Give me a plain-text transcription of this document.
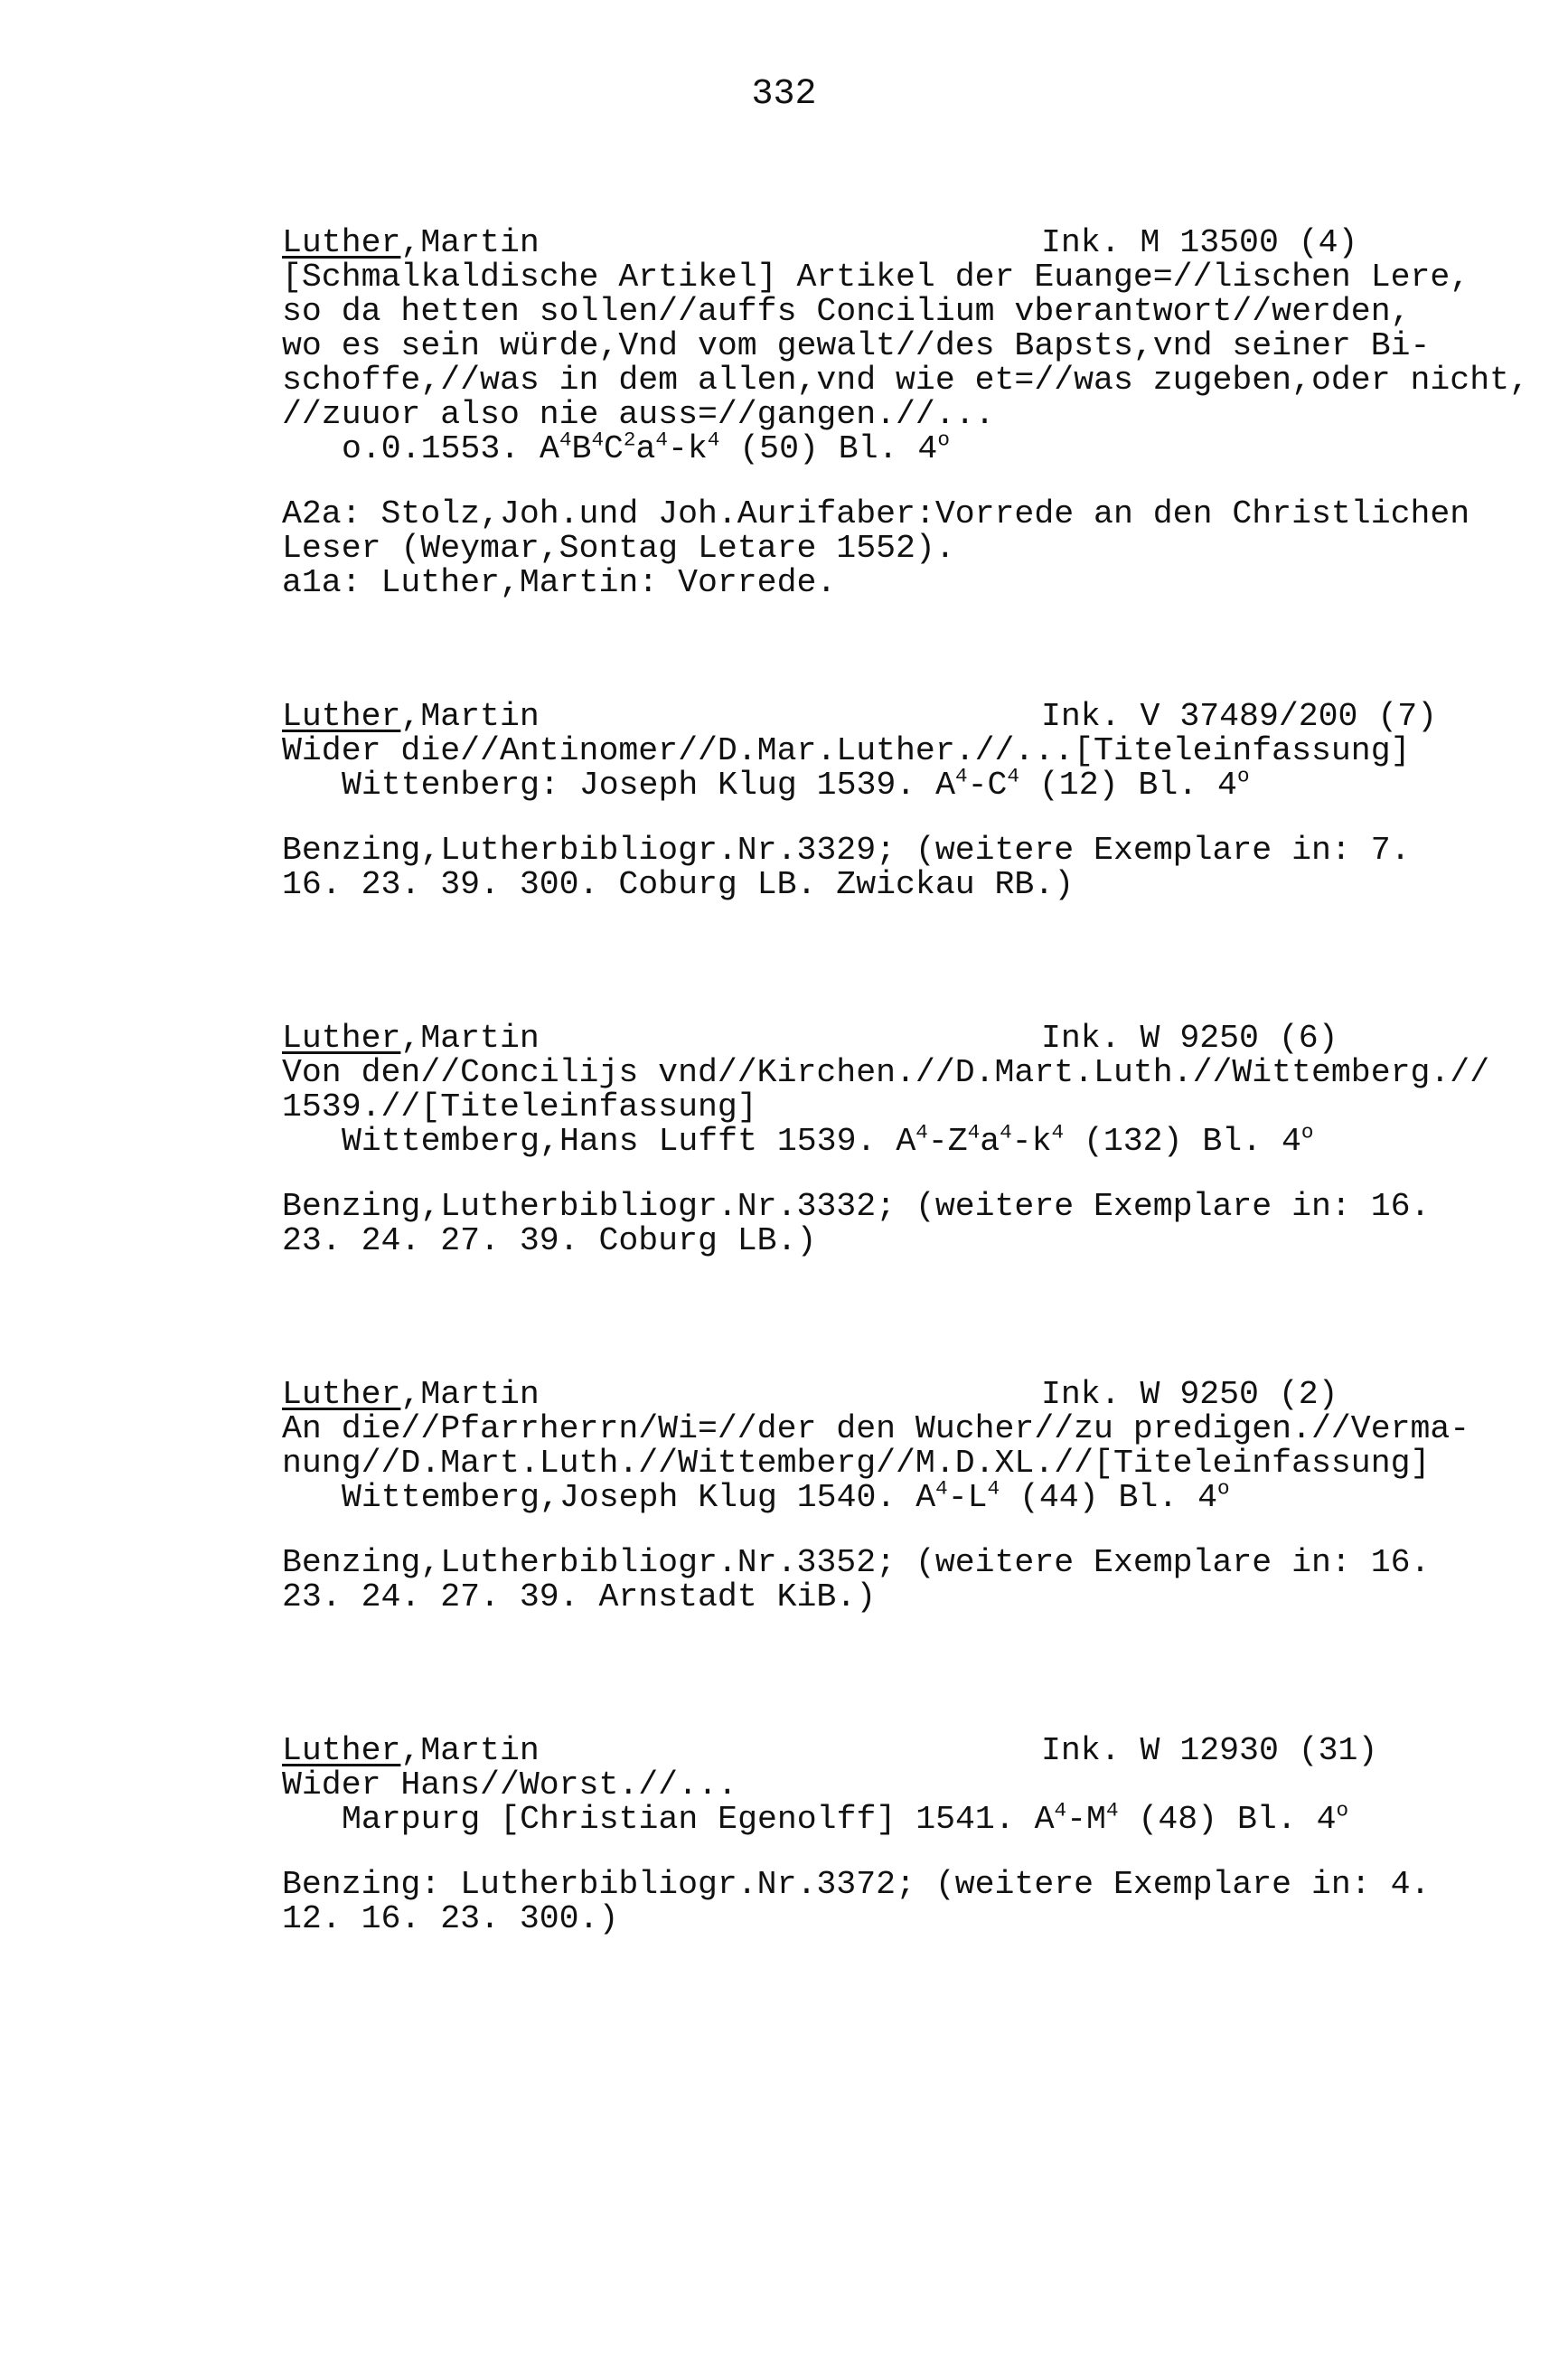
332
Luther,Martin	Ink. M 13500 (4)
[Schmalkaldische Artikel] Artikel der Euange=//lischen Lere,
so da hetten sollen//auffs Concilium vberantwort//werden,
wo es sein würde,Vnd vom gewalt//des Bapsts,vnd seiner Bi-
schoffe,//was in dem allen,vnd wie et=//was zugeben,oder nicht,
//zuuor also nie auss=//gangen.//...
o.0.1553. $A^4B^4C^2a^4-k^4$ (50) Bl. 4$^o$
A2a: Stolz,Joh.und Joh.Aurifaber:Vorrede an den Christlichen
Leser (Weymar,Sontag Letare 1552).
a1a: Luther,Martin: Vorrede.
Luther,Martin	Ink. V 37489/200 (7)
Wider die//Antinomer//D.Mar.Luther.//...[Titeleinfassung]
Wittenberg: Joseph Klug 1539. $A^4-C^4$ (12) Bl. 4$^o$
Benzing,Lutherbibliogr.Nr.3329; (weitere Exemplare in: 7.
16. 23. 39. 300. Coburg LB. Zwickau RB.)
Luther,Martin	Ink. W 9250 (6)
Von den//Concilijs vnd//Kirchen.//D.Mart.Luth.//Wittemberg.//
1539.//[Titeleinfassung]
Wittemberg,Hans Lufft 1539. $A^4-Z^4a^4-k^4$ (132) Bl. 4$^o$
Benzing,Lutherbibliogr.Nr.3332; (weitere Exemplare in: 16.
23. 24. 27. 39. Coburg LB.)
Luther,Martin	Ink. W 9250 (2)
An die//Pfarrherrn/Wi=//der den Wucher//zu predigen.//Verma-
nung//D.Mart.Luth.//Wittemberg//M.D.XL.//[Titeleinfassung]
Wittemberg,Joseph Klug 1540. $A^4-L^4$ (44) Bl. 4$^o$
Benzing,Lutherbibliogr.Nr.3352; (weitere Exemplare in: 16.
23. 24. 27. 39. Arnstadt KiB.)
Luther,Martin	Ink. W 12930 (31)
Wider Hans//Worst.//...
Marpurg [Christian Egenolff] 1541. $A^4-M^4$ (48) Bl. 4$^o$
Benzing: Lutherbibliogr.Nr.3372; (weitere Exemplare in: 4.
12. 16. 23. 300.)
